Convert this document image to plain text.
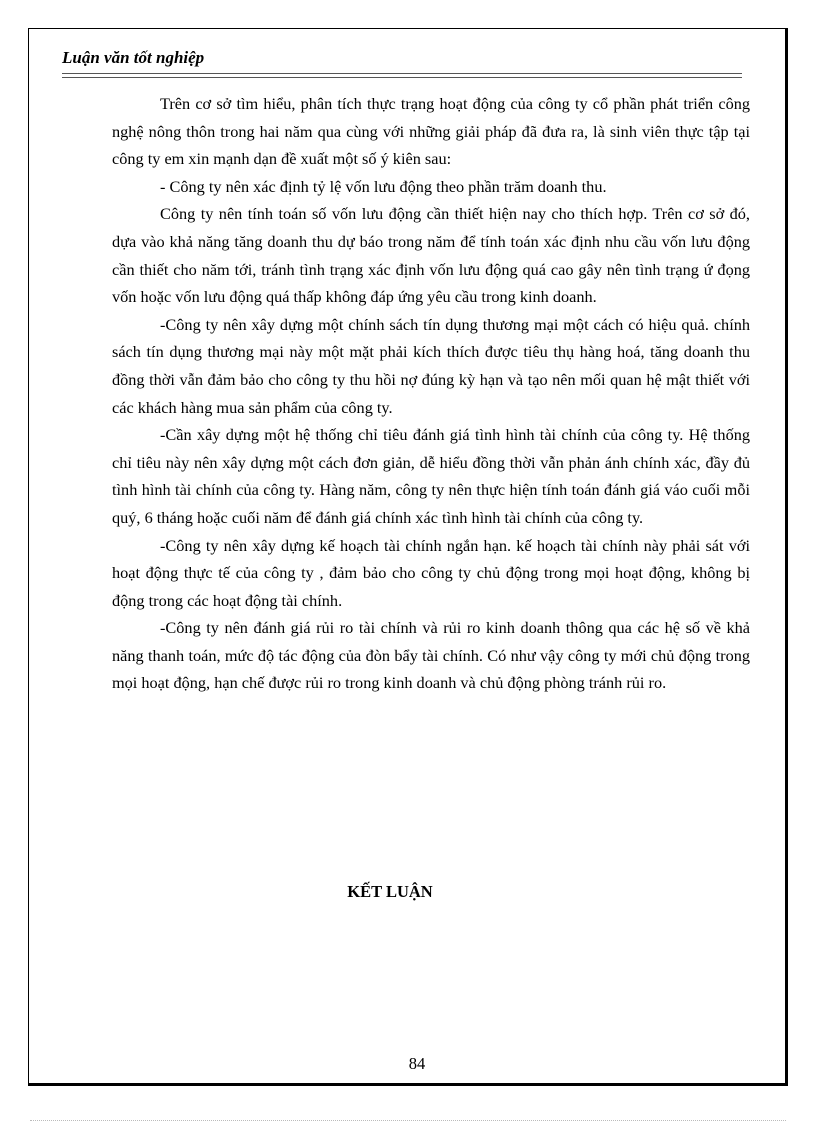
Luận văn tốt nghiệp

Trên cơ sở tìm hiểu, phân tích thực trạng hoạt động của công ty cổ phần phát triển công nghệ nông thôn trong hai năm qua cùng với những giải pháp đã đưa ra, là sinh viên thực tập tại công ty em xin mạnh dạn đề xuất một số ý kiên sau:

- Công ty nên xác định tỷ lệ vốn lưu động theo phần trăm doanh thu.

Công ty nên tính toán số vốn lưu động cần thiết hiện nay cho thích hợp. Trên cơ sở đó, dựa vào khả năng tăng doanh thu dự báo trong năm để tính toán xác định nhu cầu vốn lưu động cần thiết cho năm tới, tránh tình trạng xác định vốn lưu động quá cao gây nên tình trạng ứ đọng vốn hoặc vốn lưu động quá thấp không đáp ứng yêu cầu trong kinh doanh.

-Công ty nên xây dựng một chính sách tín dụng thương mại một cách có hiệu quả. chính sách tín dụng thương mại này một mặt phải kích thích được tiêu thụ hàng hoá, tăng doanh thu đồng thời vẫn đảm bảo cho công ty thu hồi nợ đúng kỳ hạn và tạo nên mối quan hệ mật thiết với các khách hàng mua sản phẩm của công ty.

-Cần xây dựng một hệ thống chỉ tiêu đánh giá tình hình tài chính của công ty. Hệ thống chỉ tiêu này nên xây dựng một cách đơn giản, dễ hiểu đồng thời vẫn phản ánh chính xác, đầy đủ tình hình tài chính của công ty. Hàng năm, công ty nên thực hiện tính toán đánh giá váo cuối mỗi quý, 6 tháng hoặc cuối năm để đánh giá chính xác tình hình tài chính của công ty.

-Công ty nên xây dựng kế hoạch tài chính ngắn hạn. kế hoạch tài chính này phải sát với hoạt động thực tế của công ty , đảm bảo cho công ty chủ động trong mọi hoạt động, không bị động trong các hoạt động tài chính.

-Công ty nên đánh giá rủi ro tài chính và rủi ro kinh doanh thông qua các hệ số về khả năng thanh toán, mức độ tác động của đòn bẩy tài chính. Có như vậy công ty mới chủ động trong mọi hoạt động, hạn chế được rủi ro trong kinh doanh và chủ động phòng tránh rủi ro.

KẾT LUẬN
84
